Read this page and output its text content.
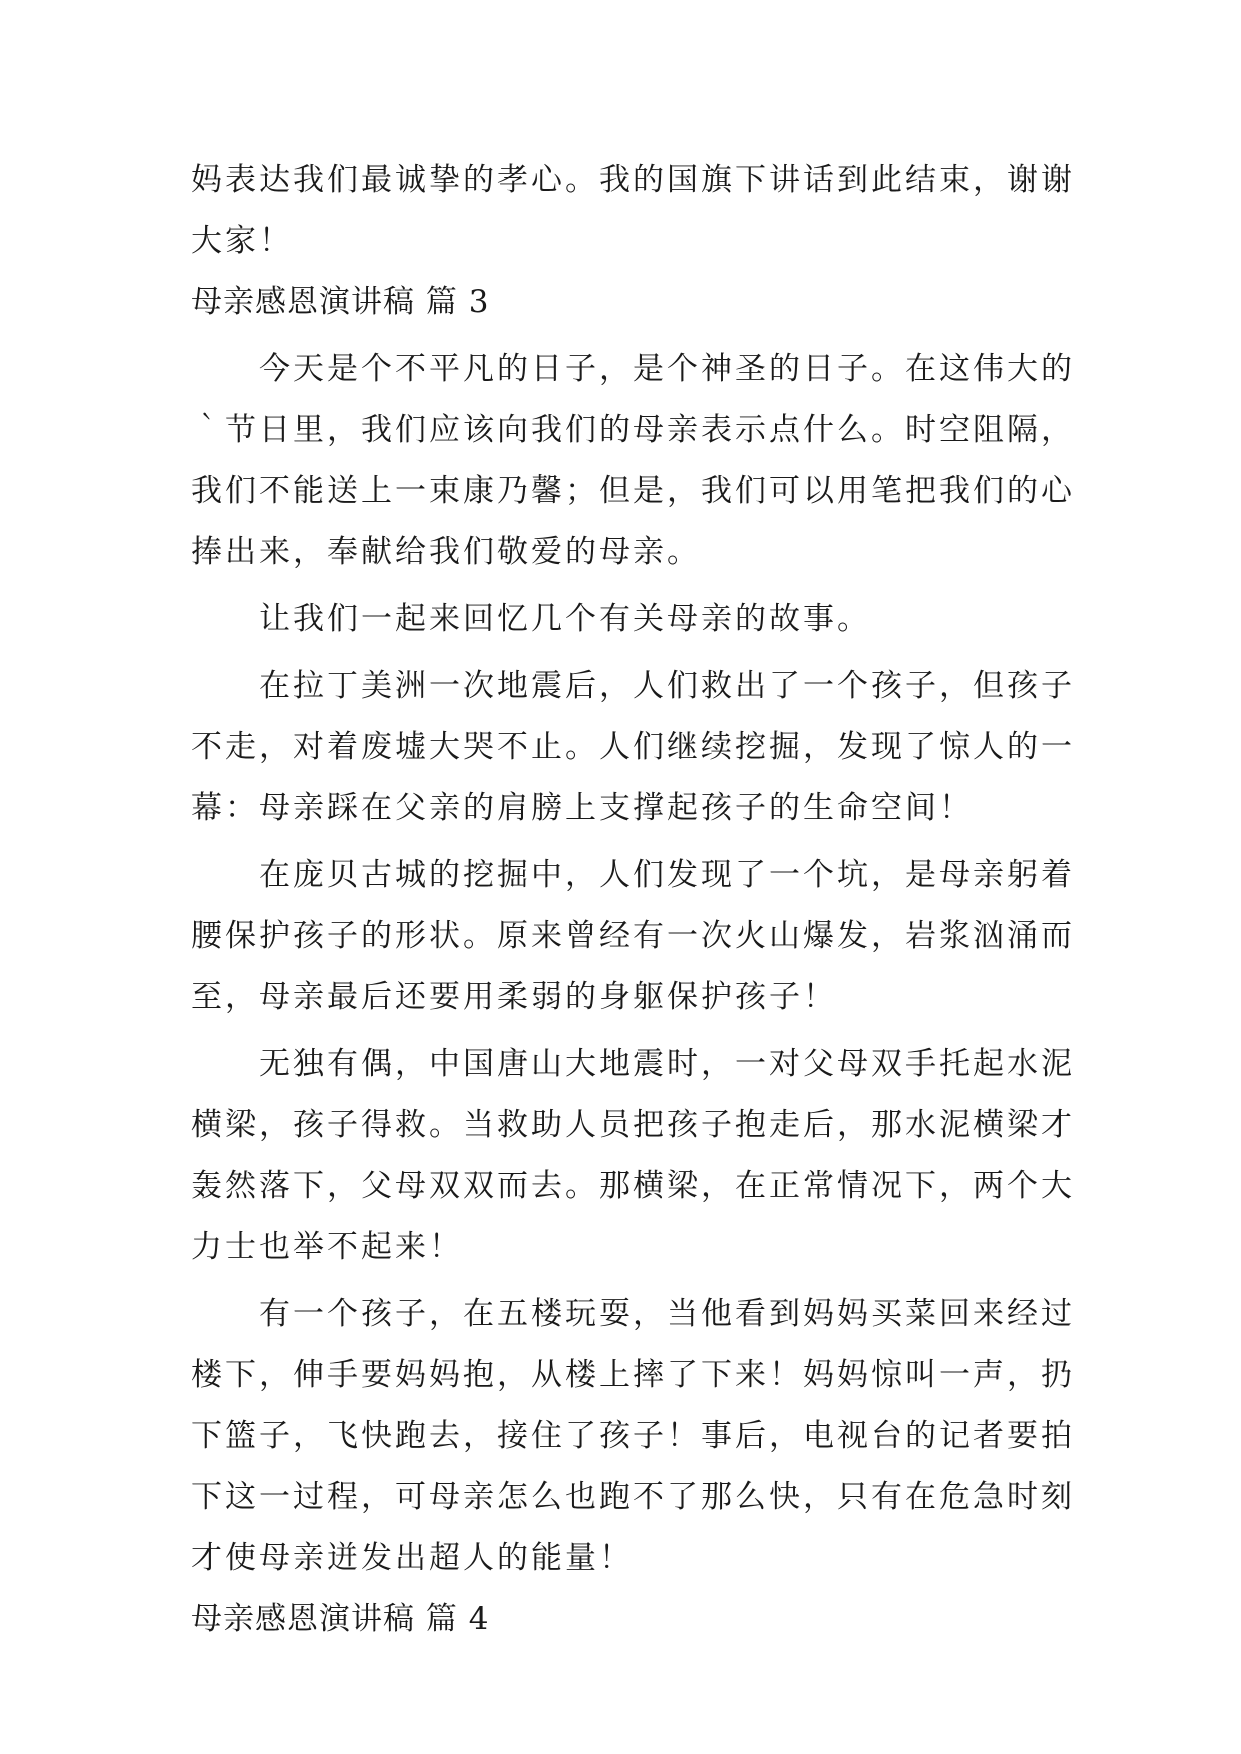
妈表达我们最诚挚的孝心。我的国旗下讲话到此结束，谢谢
大家！
母亲感恩演讲稿 篇 3
　　今天是个不平凡的日子，是个神圣的日子。在这伟大的
｀节日里，我们应该向我们的母亲表示点什么。时空阻隔，
我们不能送上一束康乃馨；但是，我们可以用笔把我们的心
捧出来，奉献给我们敬爱的母亲。
　　让我们一起来回忆几个有关母亲的故事。
　　在拉丁美洲一次地震后，人们救出了一个孩子，但孩子
不走，对着废墟大哭不止。人们继续挖掘，发现了惊人的一
幕：母亲踩在父亲的肩膀上支撑起孩子的生命空间！
　　在庞贝古城的挖掘中，人们发现了一个坑，是母亲躬着
腰保护孩子的形状。原来曾经有一次火山爆发，岩浆汹涌而
至，母亲最后还要用柔弱的身躯保护孩子！
　　无独有偶，中国唐山大地震时，一对父母双手托起水泥
横梁，孩子得救。当救助人员把孩子抱走后，那水泥横梁才
轰然落下，父母双双而去。那横梁，在正常情况下，两个大
力士也举不起来！
　　有一个孩子，在五楼玩耍，当他看到妈妈买菜回来经过
楼下，伸手要妈妈抱，从楼上摔了下来！妈妈惊叫一声，扔
下篮子，飞快跑去，接住了孩子！事后，电视台的记者要拍
下这一过程，可母亲怎么也跑不了那么快，只有在危急时刻
才使母亲迸发出超人的能量！
母亲感恩演讲稿 篇 4
